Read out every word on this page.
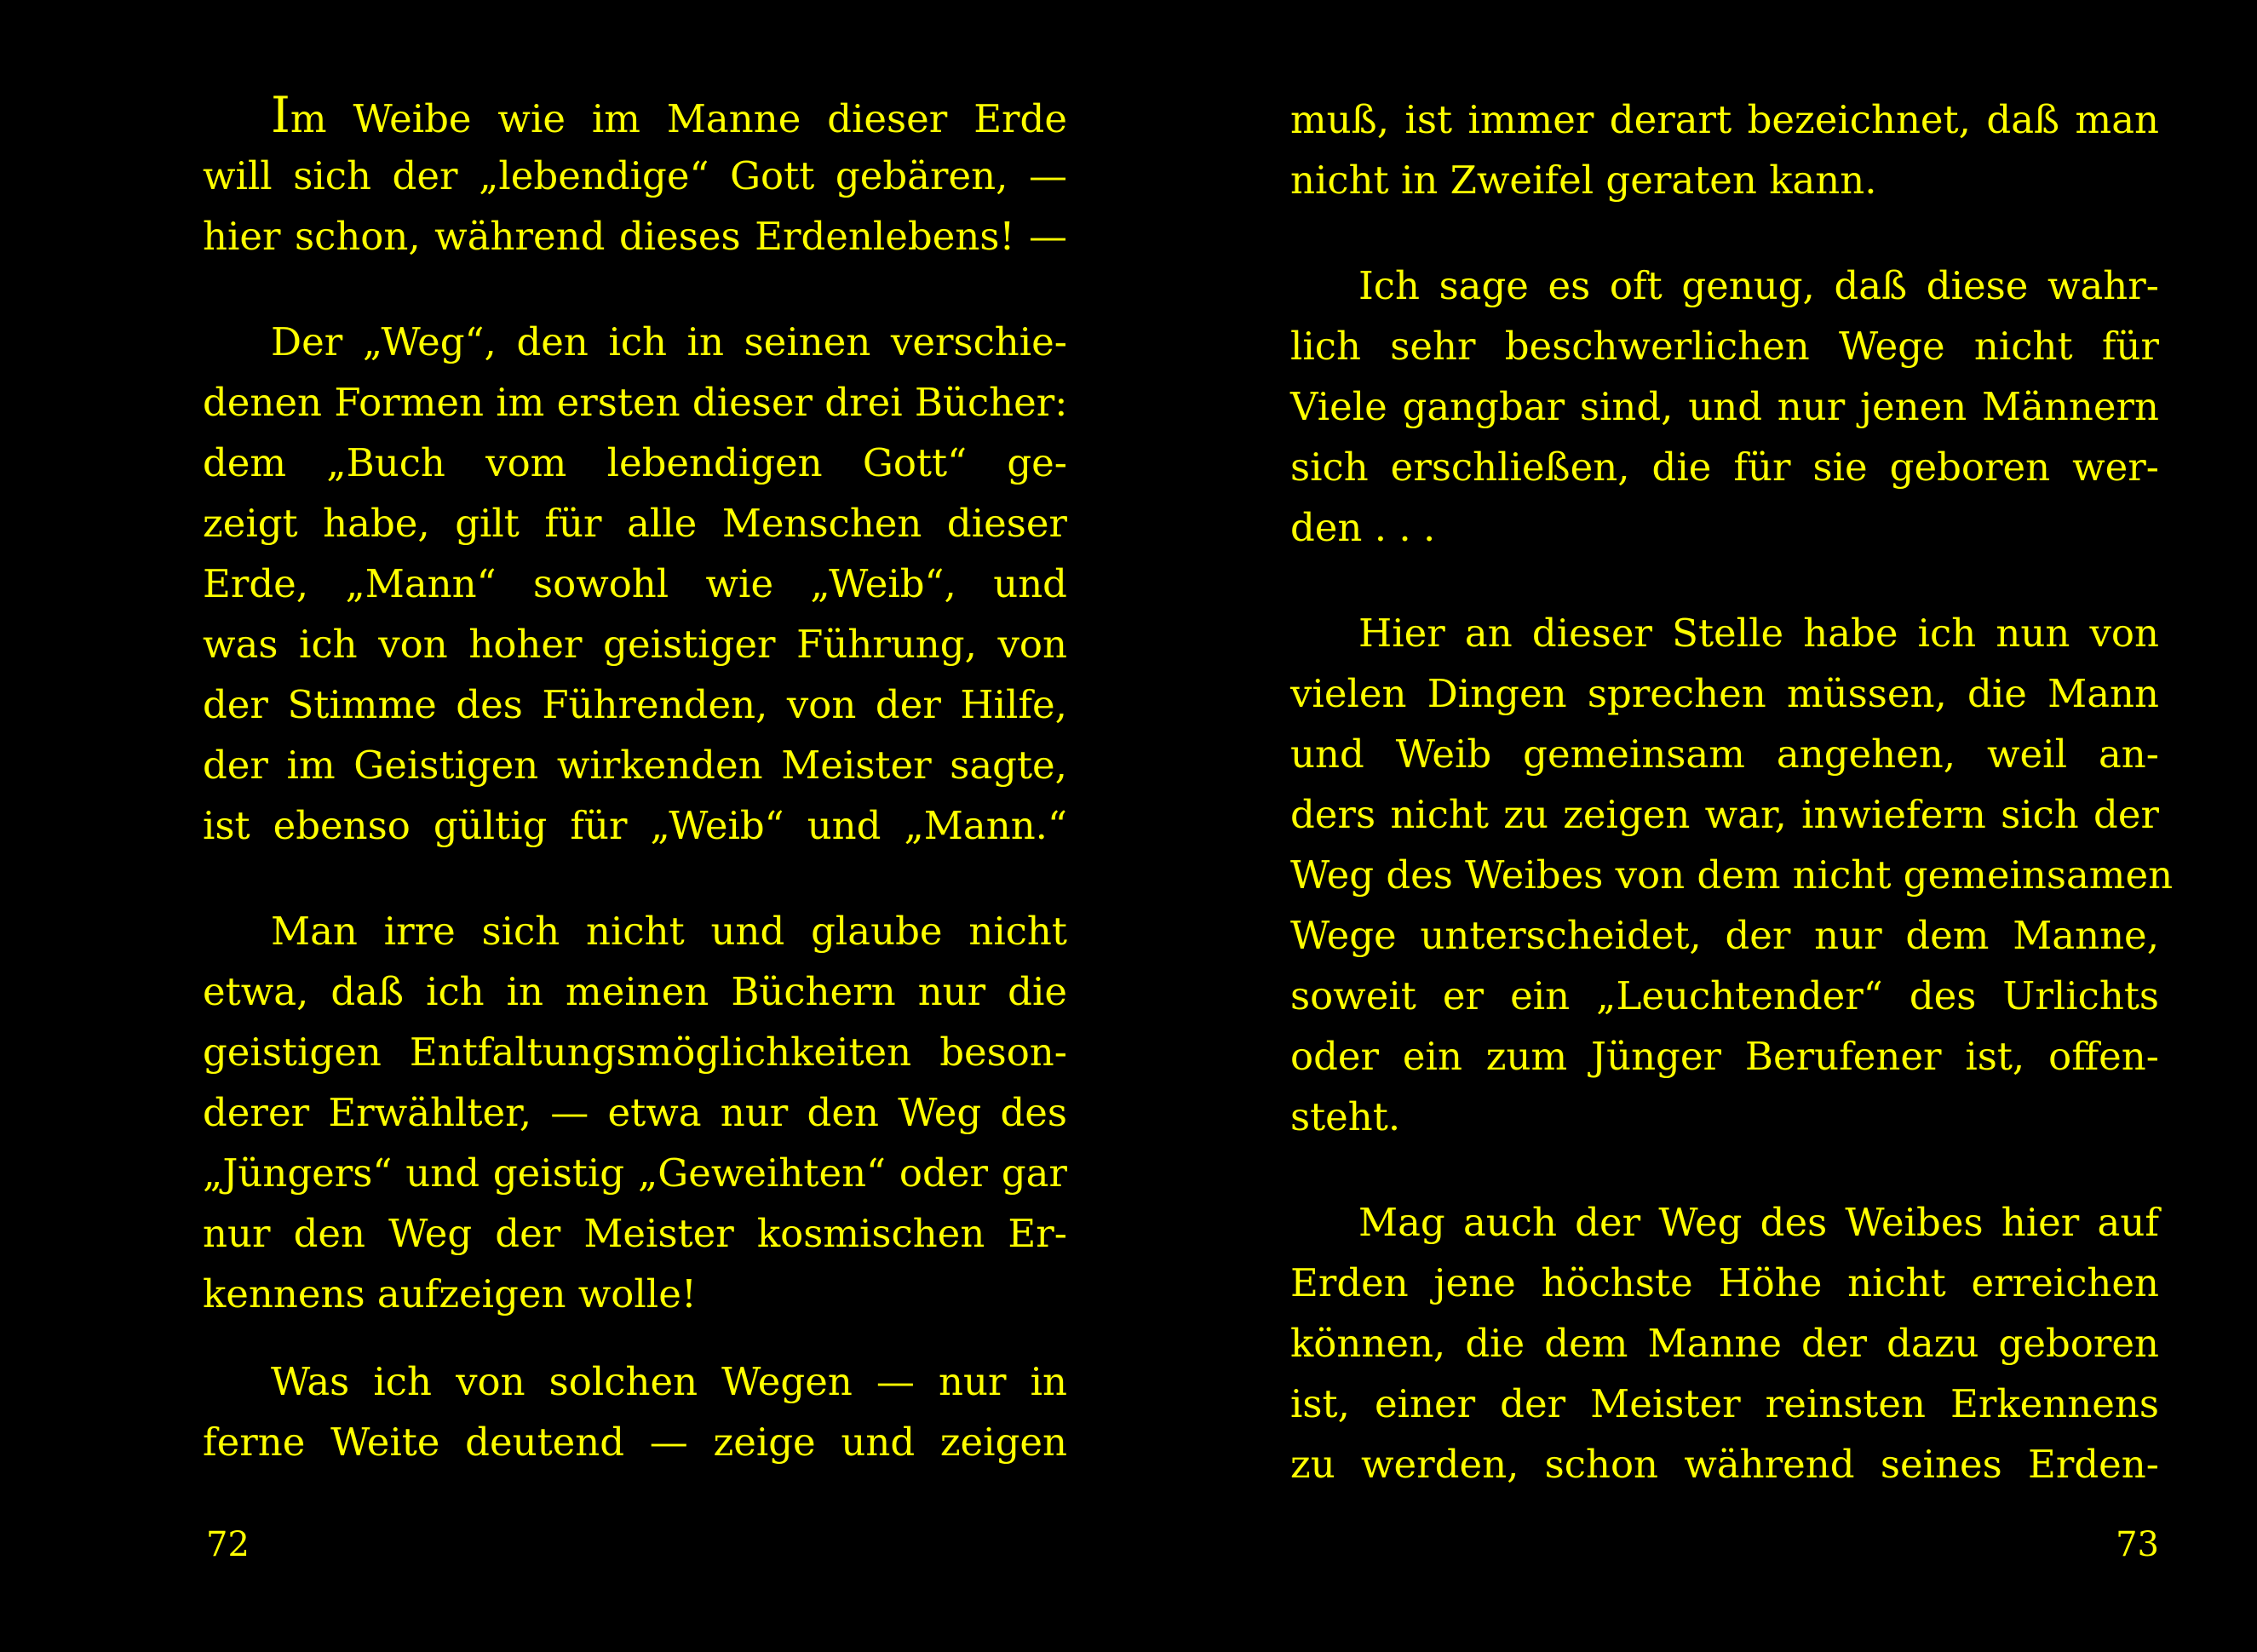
Im Weibe wie im Manne dieser Erde
will sich der „lebendige“ Gott gebären, —
hier schon, während dieses Erdenlebens! —
Der „Weg“, den ich in seinen verschie-
denen Formen im ersten dieser drei Bücher:
dem „Buch vom lebendigen Gott“ ge-
zeigt habe, gilt für alle Menschen dieser
Erde, „Mann“ sowohl wie „Weib“, und
was ich von hoher geistiger Führung, von
der Stimme des Führenden, von der Hilfe,
der im Geistigen wirkenden Meister sagte,
ist ebenso gültig für „Weib“ und „Mann.“
Man irre sich nicht und glaube nicht
etwa, daß ich in meinen Büchern nur die
geistigen Entfaltungsmöglichkeiten beson-
derer Erwählter, — etwa nur den Weg des
„Jüngers“ und geistig „Geweihten“ oder gar
nur den Weg der Meister kosmischen Er-
kennens aufzeigen wolle!
Was ich von solchen Wegen — nur in
ferne Weite deutend — zeige und zeigen
72
muß, ist immer derart bezeichnet, daß man
nicht in Zweifel geraten kann.
Ich sage es oft genug, daß diese wahr-
lich sehr beschwerlichen Wege nicht für
Viele gangbar sind, und nur jenen Männern
sich erschließen, die für sie geboren wer-
den . . .
Hier an dieser Stelle habe ich nun von
vielen Dingen sprechen müssen, die Mann
und Weib gemeinsam angehen, weil an-
ders nicht zu zeigen war, inwiefern sich der
Weg des Weibes von dem nicht gemeinsamen
Wege unterscheidet, der nur dem Manne,
soweit er ein „Leuchtender“ des Urlichts
oder ein zum Jünger Berufener ist, offen-
steht.
Mag auch der Weg des Weibes hier auf
Erden jene höchste Höhe nicht erreichen
können, die dem Manne der dazu geboren
ist, einer der Meister reinsten Erkennens
zu werden, schon während seines Erden-
73
